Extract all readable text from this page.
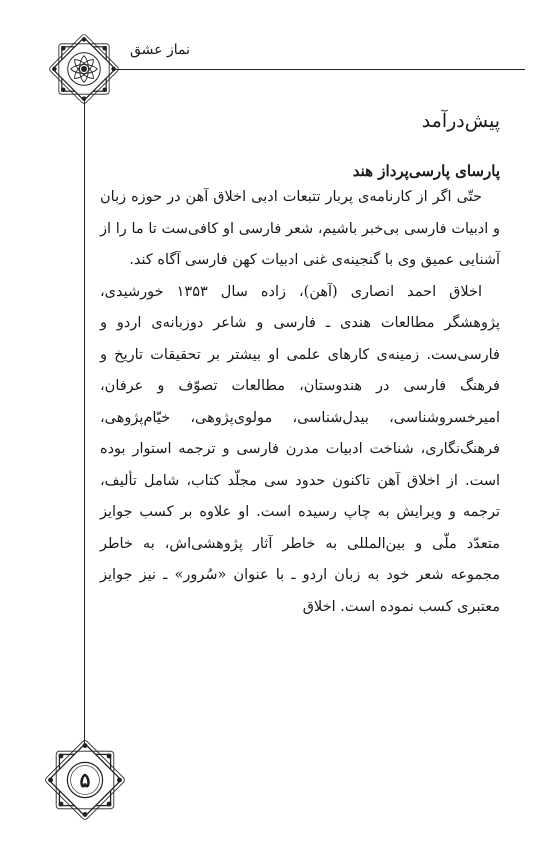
نماز عشق
پیش‌درآمد
پارسای پارسی‌پرداز هند

حتّی اگر از کارنامه‌ی پربار تتبعات ادبی اخلاق آهن در حوزه‌ زبان و ادبیات فارسی بی‌خبر باشیم، شعر فارسی او کافی‌ست تا ما را از آشنایی عمیق وی با گنجینه‌ی غنی ادبیات کهن فارسی آگاه کند.

اخلاق احمد انصاری (آهن)، زاده سال ۱۳۵۳ خورشیدی، پژوهشگر مطالعات هندی ـ فارسی و شاعر دوزبانه‌ی اردو و فارسی‌ست. زمینه‌ی کارهای علمی او بیشتر بر تحقیقات تاریخ و فرهنگ فارسی در هندوستان، مطالعات تصوّف و عرفان، امیرخسروشناسی، بیدل‌شناسی، مولوی‌پژوهی، خیّام‌پژوهی، فرهنگ‌نگاری، شناخت ادبیات مدرن فارسی و ترجمه استوار بوده است. از اخلاق آهن تاکنون حدود سی مجلّد کتاب، شامل تألیف، ترجمه و ویرایش به چاپ رسیده است. او علاوه بر کسب جوایز متعدّد ملّی و بین‌المللی به خاطر آثار پژوهشی‌اش، به خاطر مجموعه شعر خود به زبان اردو ـ با عنوان «سُرور» ـ نیز جوایز معتبری کسب نموده است. اخلاق

۵
